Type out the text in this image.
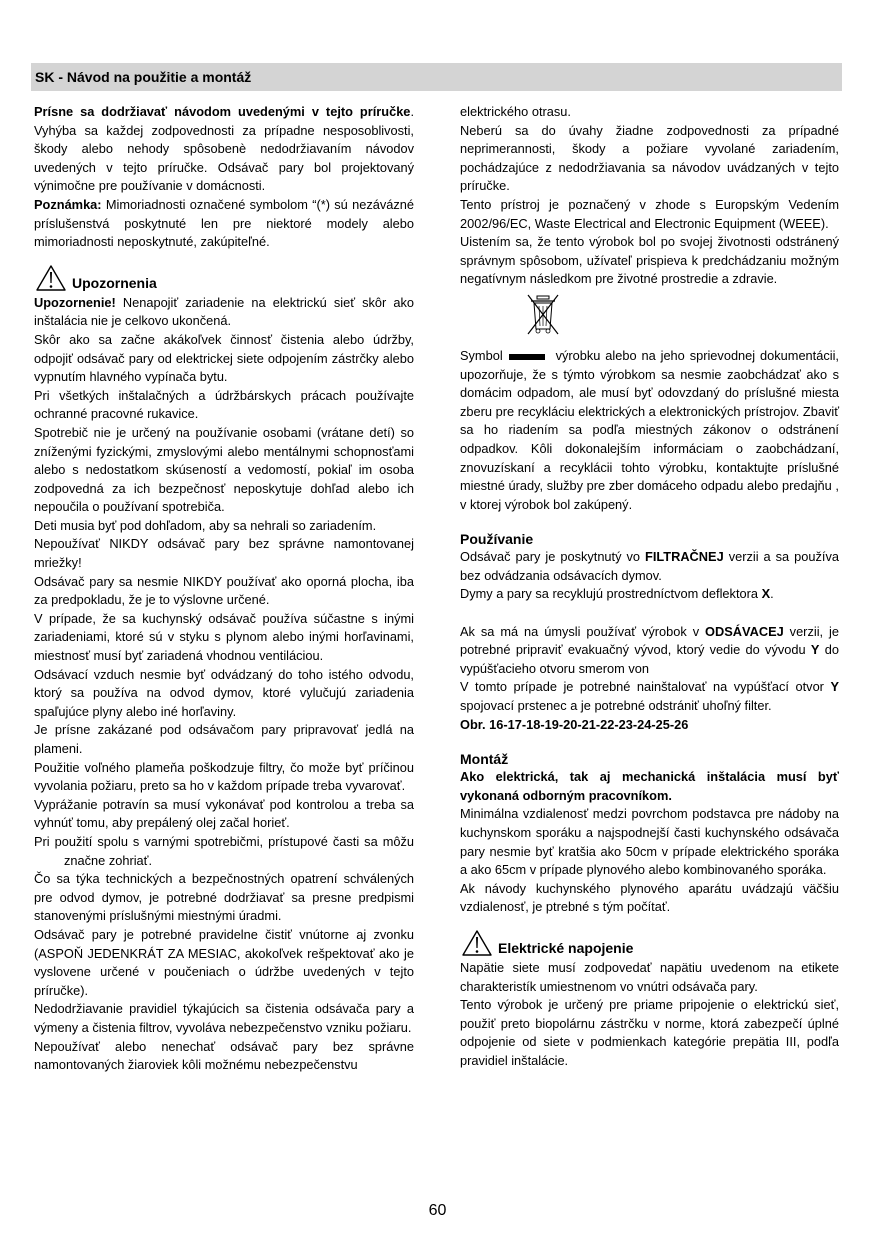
SK - Návod na použitie a montáž

Prísne sa dodržiavať návodom uvedenými v tejto príručke. Vyhýba sa každej zodpovednosti za prípadne nesposoblivosti, škody alebo nehody spôsobenè nedodržiavaním návodov uvedených v tejto príručke. Odsávač pary bol projektovaný výnimočne pre používanie v domácnosti.

Poznámka: Mimoriadnosti označené symbolom “(*) sú nezávázné príslušenstvá poskytnuté len pre niektoré modely alebo mimoriadnosti neposkytnuté, zakúpiteľné.

Upozornenia

Upozornenie! Nenapojiť zariadenie na elektrickú sieť skôr ako inštalácia nie je celkovo ukončená.

Skôr ako sa začne akákoľvek činnosť čistenia alebo údržby, odpojiť odsávač pary od elektrickej siete odpojením zástrčky alebo vypnutím hlavného vypínača bytu.

Pri všetkých inštalačných a údržbárskych prácach používajte ochranné pracovné rukavice.

Spotrebič nie je určený na používanie osobami (vrátane detí) so zníženými fyzickými, zmyslovými alebo mentálnymi schopnosťami alebo s nedostatkom skúseností a vedomostí, pokiaľ im osoba zodpovedná za ich bezpečnosť neposkytuje dohľad alebo ich nepoučila o používaní spotrebiča.

Deti musia byť pod dohľadom, aby sa nehrali so zariadením.

Nepoužívať NIKDY odsávač pary bez správne namontovanej mriežky!

Odsávač pary sa nesmie NIKDY používať ako oporná plocha, iba za predpokladu, že je to výslovne určené.

V prípade, že sa kuchynský odsávač používa súčastne s inými zariadeniami, ktoré sú v styku s plynom alebo inými horľavinami, miestnosť musí byť zariadená vhodnou ventiláciou.

Odsávací vzduch nesmie byť odvádzaný do toho istého odvodu, ktorý sa používa na odvod dymov, ktoré vylučujú zariadenia spaľujúce plyny alebo iné horľaviny.

Je prísne zakázané pod odsávačom pary pripravovať jedlá na plameni.

Použitie voľného plameňa poškodzuje filtry, čo može byť príčinou vyvolania požiaru, preto sa ho v každom prípade treba vyvarovať.

Vyprážanie potravín sa musí vykonávať pod kontrolou a treba sa vyhnúť tomu, aby prepálený olej začal horieť.

Pri použití spolu s varnými spotrebičmi, prístupové časti sa môžu značne zohriať.

Čo sa týka technických a bezpečnostných opatrení schválených pre odvod dymov, je potrebné dodržiavať sa presne predpismi stanovenými príslušnými miestnými úradmi.

Odsávač pary je potrebné pravidelne čistiť vnútorne aj zvonku (ASPOŇ JEDENKRÁT ZA MESIAC, akokoľvek rešpektovať ako je vyslovene určené v poučeniach o údržbe uvedených v tejto príručke).

Nedodržiavanie pravidiel týkajúcich sa čistenia odsávača pary a výmeny a čistenia filtrov, vyvoláva nebezpečenstvo vzniku požiaru.

Nepoužívať alebo nenechať odsávač pary bez správne namontovaných žiaroviek kôli možnému nebezpečenstvu

elektrického otrasu.

Neberú sa do úvahy žiadne zodpovednosti za prípadné neprimerannosti, škody a požiare vyvolané zariadením, pochádzajúce z nedodržiavania sa návodov uvádzaných v tejto príručke.

Tento prístroj je poznačený v zhode s Europským Vedením 2002/96/EC, Waste Electrical and Electronic Equipment (WEEE).

Uistením sa, že tento výrobok bol po svojej životnosti odstránený správnym spôsobom, užívateľ prispieva k predchádzaniu možným negatívnym následkom pre životné prostredie a zdravie.

Symbol	výrobku alebo na jeho sprievodnej dokumentácii, upozorňuje, že s týmto výrobkom sa nesmie zaobchádzať ako s domácim odpadom, ale musí byť odovzdaný do príslušné miesta zberu pre recykláciu elektrických a elektronických prístrojov. Zbaviť sa ho riadením sa podľa miestných zákonov o odstránení odpadkov. Kôli dokonalejším informáciam o zaobchádzaní, znovuzískaní a recyklácii tohto výrobku, kontaktujte príslušné miestné úrady, služby pre zber domáceho odpadu alebo predajňu , v ktorej výrobok bol zakúpený.

Používanie

Odsávač pary je poskytnutý vo FILTRAČNEJ verzii a sa používa bez odvádzania odsávacích dymov.

Dymy a pary sa recyklujú prostredníctvom deflektora X.

Ak sa má na úmysli používať výrobok v ODSÁVACEJ verzii, je potrebné pripraviť evakuačný vývod, ktorý vedie do vývodu Y do vypúšťacieho otvoru smerom von

V tomto prípade je potrebné nainštalovať na vypúšťací otvor Y spojovací prstenec a je potrebné odstrániť uhoľný filter.

Obr. 16-17-18-19-20-21-22-23-24-25-26

Montáž

Ako elektrická, tak aj mechanická inštalácia musí byť vykonaná odborným pracovníkom.

Minimálna vzdialenosť medzi povrchom podstavca pre nádoby na kuchynskom sporáku a najspodnejší časti kuchynského odsávača pary nesmie byť kratšia ako 50cm v prípade elektrického sporáka a ako 65cm v prípade plynového alebo kombinovaného sporáka.

Ak návody kuchynského plynového aparátu uvádzajú väčšiu vzdialenosť, je ptrebné s tým počítať.

Elektrické napojenie

Napätie siete musí zodpovedať napätiu uvedenom na etikete charakteristík umiestnenom vo vnútri odsávača pary.

Tento výrobok je určený pre priame pripojenie o elektrickú sieť, použiť preto biopolárnu zástrčku v norme, ktorá zabezpečí úplné odpojenie od siete v podmienkach kategórie prepätia III, podľa pravidiel inštalácie.

60
